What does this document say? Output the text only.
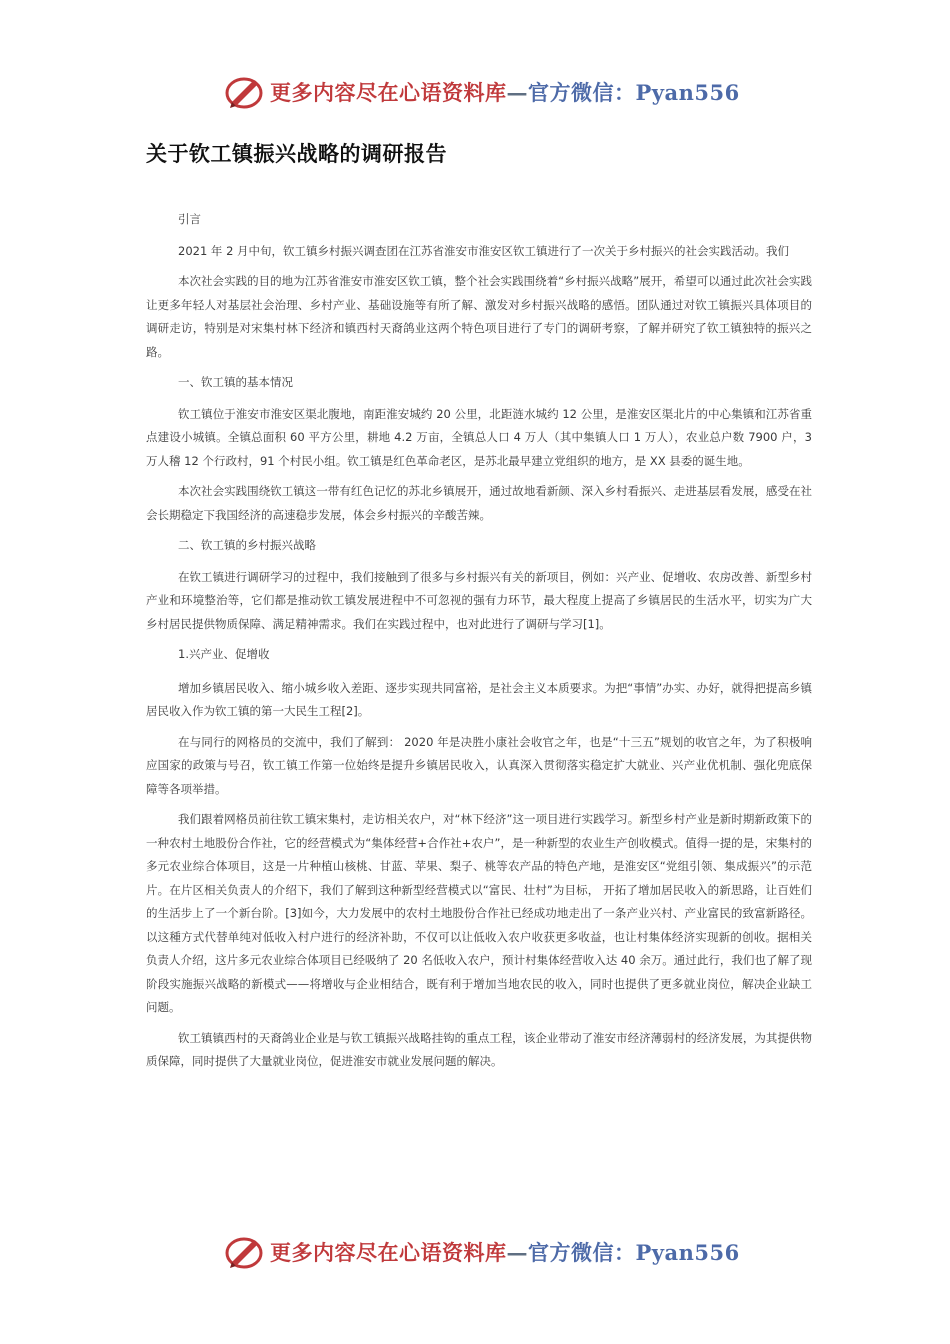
更多内容尽在心语资料库—官方微信：Pyan556
关于钦工镇振兴战略的调研报告

引言

2021 年 2 月中旬，钦工镇乡村振兴调查团在江苏省淮安市淮安区钦工镇进行了一次关于乡村振兴的社会实践活动。我们

本次社会实践的目的地为江苏省淮安市淮安区钦工镇，整个社会实践围绕着“乡村振兴战略”展开，希望可以通过此次社会实践让更多年轻人对基层社会治理、乡村产业、基础设施等有所了解、激发对乡村振兴战略的感悟。团队通过对钦工镇振兴具体项目的调研走访，特别是对宋集村林下经济和镇西村天裔鸽业这两个特色项目进行了专门的调研考察，了解并研究了钦工镇独特的振兴之路。

一、钦工镇的基本情况

钦工镇位于淮安市淮安区渠北腹地，南距淮安城约 20 公里，北距涟水城约 12 公里，是淮安区渠北片的中心集镇和江苏省重点建设小城镇。全镇总面积 60 平方公里，耕地 4.2 万亩，全镇总人口 4 万人（其中集镇人口 1 万人），农业总户数 7900 户，3 万人稽 12 个行政村，91 个村民小组。钦工镇是红色革命老区，是苏北最早建立党组织的地方，是 XX 县委的诞生地。

本次社会实践围绕钦工镇这一带有红色记忆的苏北乡镇展开，通过故地看新颜、深入乡村看振兴、走进基层看发展，感受在社会长期稳定下我国经济的高速稳步发展，体会乡村振兴的辛酸苦辣。

二、钦工镇的乡村振兴战略

在钦工镇进行调研学习的过程中，我们接触到了很多与乡村振兴有关的新项目，例如：兴产业、促增收、农房改善、新型乡村产业和环境整治等，它们都是推动钦工镇发展进程中不可忽视的强有力环节，最大程度上提高了乡镇居民的生活水平，切实为广大乡村居民提供物质保障、满足精神需求。我们在实践过程中，也对此进行了调研与学习[1]。

1.兴产业、促增收

增加乡镇居民收入、缩小城乡收入差距、逐步实现共同富裕，是社会主义本质要求。为把“事情”办实、办好，就得把提高乡镇居民收入作为钦工镇的第一大民生工程[2]。

在与同行的网格员的交流中，我们了解到： 2020 年是决胜小康社会收官之年，也是“十三五”规划的收官之年，为了积极响应国家的政策与号召，钦工镇工作第一位始终是提升乡镇居民收入，认真深入贯彻落实稳定扩大就业、兴产业优机制、强化兜底保障等各项举措。

我们跟着网格员前往钦工镇宋集村，走访相关农户，对“林下经济”这一项目进行实践学习。新型乡村产业是新时期新政策下的一种农村土地股份合作社，它的经营模式为“集体经营+合作社+农户”，是一种新型的农业生产创收模式。值得一提的是，宋集村的多元农业综合体项目，这是一片种植山核桃、甘蓝、苹果、梨子、桃等农产品的特色产地，是淮安区“党组引领、集成振兴”的示范片。在片区相关负责人的介绍下，我们了解到这种新型经营模式以“富民、壮村”为目标， 开拓了增加居民收入的新思路，让百姓们的生活步上了一个新台阶。[3]如今，大力发展中的农村土地股份合作社已经成功地走出了一条产业兴村、产业富民的致富新路径。以这種方式代替单纯对低收入村户进行的经济补助，不仅可以让低收入农户收获更多收益，也让村集体经济实现新的创收。据相关负责人介绍，这片多元农业综合体项目已经吸纳了 20 名低收入农户，预计村集体经营收入达 40 余万。通过此行，我们也了解了现阶段实施振兴战略的新模式——将增收与企业相结合，既有利于增加当地农民的收入，同时也提供了更多就业岗位，解决企业缺工问题。

钦工镇镇西村的天裔鸽业企业是与钦工镇振兴战略挂钩的重点工程，该企业带动了淮安市经济薄弱村的经济发展，为其提供物质保障，同时提供了大量就业岗位，促进淮安市就业发展问题的解决。

更多内容尽在心语资料库—官方微信：Pyan556
